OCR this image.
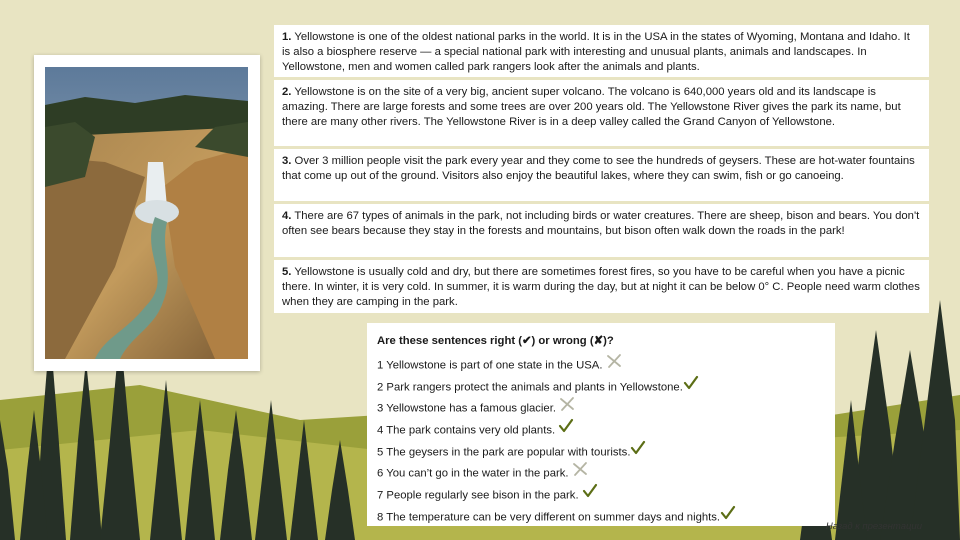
1. Yellowstone is one of the oldest national parks in the world. It is in the USA in the states of Wyoming, Montana and Idaho. It is also a biosphere reserve — a special national park with interesting and unusual plants, animals and landscapes. In Yellowstone, men and women called park rangers look after the animals and plants.
2. Yellowstone is on the site of a very big, ancient super volcano. The volcano is 640,000 years old and its landscape is amazing. There are large forests and some trees are over 200 years old. The Yellowstone River gives the park its name, but there are many other rivers. The Yellowstone River is in a deep valley called the Grand Canyon of Yellowstone.
3. Over 3 million people visit the park every year and they come to see the hundreds of geysers. These are hot-water fountains that come up out of the ground. Visitors also enjoy the beautiful lakes, where they can swim, fish or go canoeing.
4. There are 67 types of animals in the park, not including birds or water creatures. There are sheep, bison and bears. You don't often see bears because they stay in the forests and mountains, but bison often walk down the roads in the park!
5. Yellowstone is usually cold and dry, but there are sometimes forest fires, so you have to be careful when you have a picnic there. In winter, it is very cold. In summer, it is warm during the day, but at night it can be below 0° C. People need warm clothes when they are camping in the park.
Are these sentences right (✔) or wrong (✘)?
1 Yellowstone is part of one state in the USA.
2 Park rangers protect the animals and plants in Yellowstone.
3 Yellowstone has a famous glacier.
4 The park contains very old plants.
5 The geysers in the park are popular with tourists.
6 You can’t go in the water in the park.
7 People regularly see bison in the park.
8 The temperature can be very different on summer days and nights.
Назад к презентации
